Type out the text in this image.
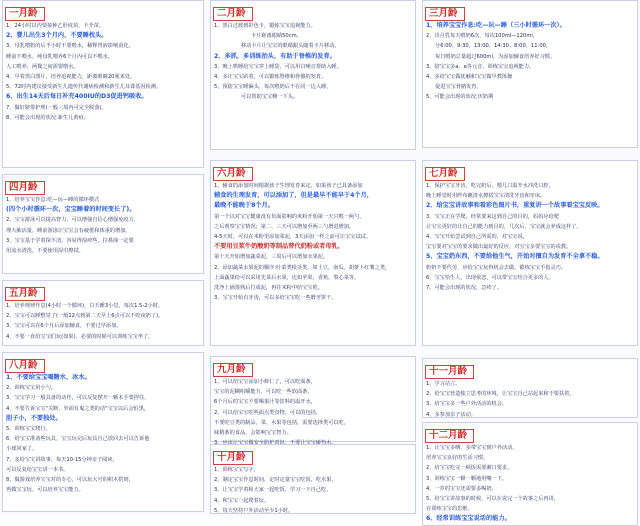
一月龄
1、24小时以内要接种乙肝疫苗、卡介苗。
2、婴儿出生3个月内，不要睡枕头。
3、母乳喂奶的后半小时不要喂水，稀释胃液影响消化，
睡前不喂水，纯母乳喂养6个月内可以不喂水。
人工喂养，两餐之间需要喂水。
4、早着黑白图片，培养追视能力，距离眼睛20厘米处。
5、72时内建议接受新生儿遗传代谢病检测和新生儿耳聋基因检测。
6、出生14天后每日补充400IU的D3促进钙吸收。
7、做好脐带护理(一般三周内可完全脱落)。
8、可能会出现的状况:新生儿黄疸。
四月龄
1、培养宝宝作息:吃—玩—睡的循环模式
(四个小时循环一次，宝宝睡着的时间变长了)。
2、宝宝游泳可以提高智力，可以增强自信心增强免疫力，
埋大肺活量，睡前游泳让宝宝会有疲倦和体重的增加。
3、宝宝基于学着探不清，容易得湿疹些，拉鼻涕一定要
用流水清洗，不要使用湿巾擦拭。
五月龄
1、培养规律作息(4小时一个循环)，白天睡3小觉，每次1.5-2小时。
2、宝宝可以睡整觉了(一般12点到第二天早上6点可以不吃夜奶了)。
3、宝宝可以在6个月后添加辅食，不要过早添加。
4、不要一直给宝宝们玩(如果)，必要的时候可以训练宝宝坐了。
八月龄
1、不要给宝宝喝糖水、冰水。
2、训练宝宝用小勺。
3、宝宝学习一般具备的动作，可以反复摆开一颗木手要捏住，
4、不要告诉宝宝"关断，外面有鬼之类的话"宝宝以后会怕黑，
胆子小，不要独处。
5、训练宝宝爬行。
6、给宝宝准备些玩具，宝宝玩完后玩具自己放回去可以告诉他
小球回家了。
7、多给宝宝讲故事，每天10-15分钟亲子阅读，
可以反复给宝宝讲一本书。
8、做游戏培养宝宝对的专心，可以玩大号的积木搭到，
再做宝宝玩，可以培养宝宝能力。
二月龄
1、黑白过渡到彩色卡，锻炼宝宝追视能力。
卡片距离眼睛50cm。
移动卡片让宝宝的眼睛跟头随着卡片移动。
2、多抓、多训练抬头，有助于脊椎的发育。
3、晚上哄睡给宝宝穿上睡袋，可以用白噪音帮助入睡。
4、多让宝宝趴着，可以锻炼脊椎和骨骼的发育。
5、预防宝宝睡偏头，每次喂奶后不在同一边入睡，
可以帮助宝宝侧一下头。
六月龄
1、辅食的添加时间根据孩子生理发育来定，如果孩子已具备添加
辅食的生理发育，可以添加了，但是最早不能早于4个月，
最晚不能晚于8个月。
第一个以对宝宝健康没有负面影响的米粉开始第一天只喂一两勺，
之后观察宝宝情况；第二、三天可以增加至两三勺增进增加。
4-5天时，可以在米粉里添加菜泥，3天添加一样之前可让宝宝试试。
不要用豆浆牛奶酸奶等制品替代奶粉或者母乳，
第十天开始增加蔬菜泥，三周后可以增加水果泥。
2、添加蔬菜水果泥的顺序:叶菜类根茎类，如土豆，南瓜，胡萝卜红薯之类，
上面蔬果给可以采用先菜后水果，比如苹果，香蕉，梨心菜等。
洗净上锅蒸熟后打成泥，再往米粉中给宝宝吃。
3、宝宝开始有牙齿，可以多给宝宝吃一些磨牙饼干。
九月龄
1、可以给宝宝添加小虾仁了，可以吃面条，
宝宝的泥糊咀嚼能力，可以吃一些软面条，
6个月后的宝宝不要喝果汁等饮料的温开水，
2、可以给宝宝吃些面点类食物，可以的包括，
不要吃豆类的制品，菜、水果等包括，需要选择类可以吃，
味精条的食品，会影响宝宝智力。
十月龄
1、训练宝宝写字，
2、制定宝宝作息时间，定时定量宝宝吃饭，吃水果，
3、让宝宝学着和大家一起吃饭，学习一下自己吃。
4、和宝宝一起爬着玩。
5、每天坚持户外活动至少1小时。
三月龄
1、培养宝宝作息:吃—玩—睡（三小时循环一次）。
2、出月乳每天喂奶6次，每次100ml—120ml，
分6:00、9:30、13:00、14:30、8:00、11:00。
每日喂奶总量超过600ml，为添加辅食培养好习惯。
3、陪宝宝多a、e等元音，训练宝宝追视能力。
4、多给宝宝做抚触和宝宝做早教体操
促进宝宝骨骼发育。
5、可能会出现的状况:厌奶期
七月龄
1、保护宝宝牙齿，吃完奶后，喂几口温开水冲洗口腔，
晚上睡觉时用纱布蘸清水擦拭宝宝清洗牙齿和牙床。
2、给宝宝讲故事和看彩色图片书，重复讲一个故事看宝宝反映。
3、宝宝正在学爬，经常要来这到自己的目的，妈妈应给爬
让宝宝更好的让自己的能力到目的，几次后，宝宝就会养成这样了。
4、宝宝开始尝试到自己所需的，对宝宝说，
宝宝要对宝宝的要求做出最好的反应，对宝宝多要宝宝的说教。
5、宝宝奶东西，不要给他生气，开始对擅自为发育不全拿不稳。
奶奶不要代劳，应给宝宝玩得机会去做，锻炼宝宝手指灵巧。
6、宝宝恰生人，出现依恋，可以带宝宝结合更多的人。
7、可能会出现的状况，急疹了。
十一月龄
1、学习站立。
2、给宝宝营造独立思考的环境，让宝宝自己站起来和不要扶着。
3、给宝宝多一些户外活动的机会。
4、多参加亲子活动。
十二月龄
1、让宝宝多晒、多带宝宝到户外活动，
培养宝宝良好的生活习惯，
2、给宝宝吃完一顿饭需要漱口要求，
3、训练宝宝一颗一颗地用嘴一下。
4、一岁的宝宝还需要多喝奶。
5、给宝宝讲故事的时候，可以在说完一个故事之后再讲，
在训练宝宝的思维。
6、经常训练宝宝说话的能力。
